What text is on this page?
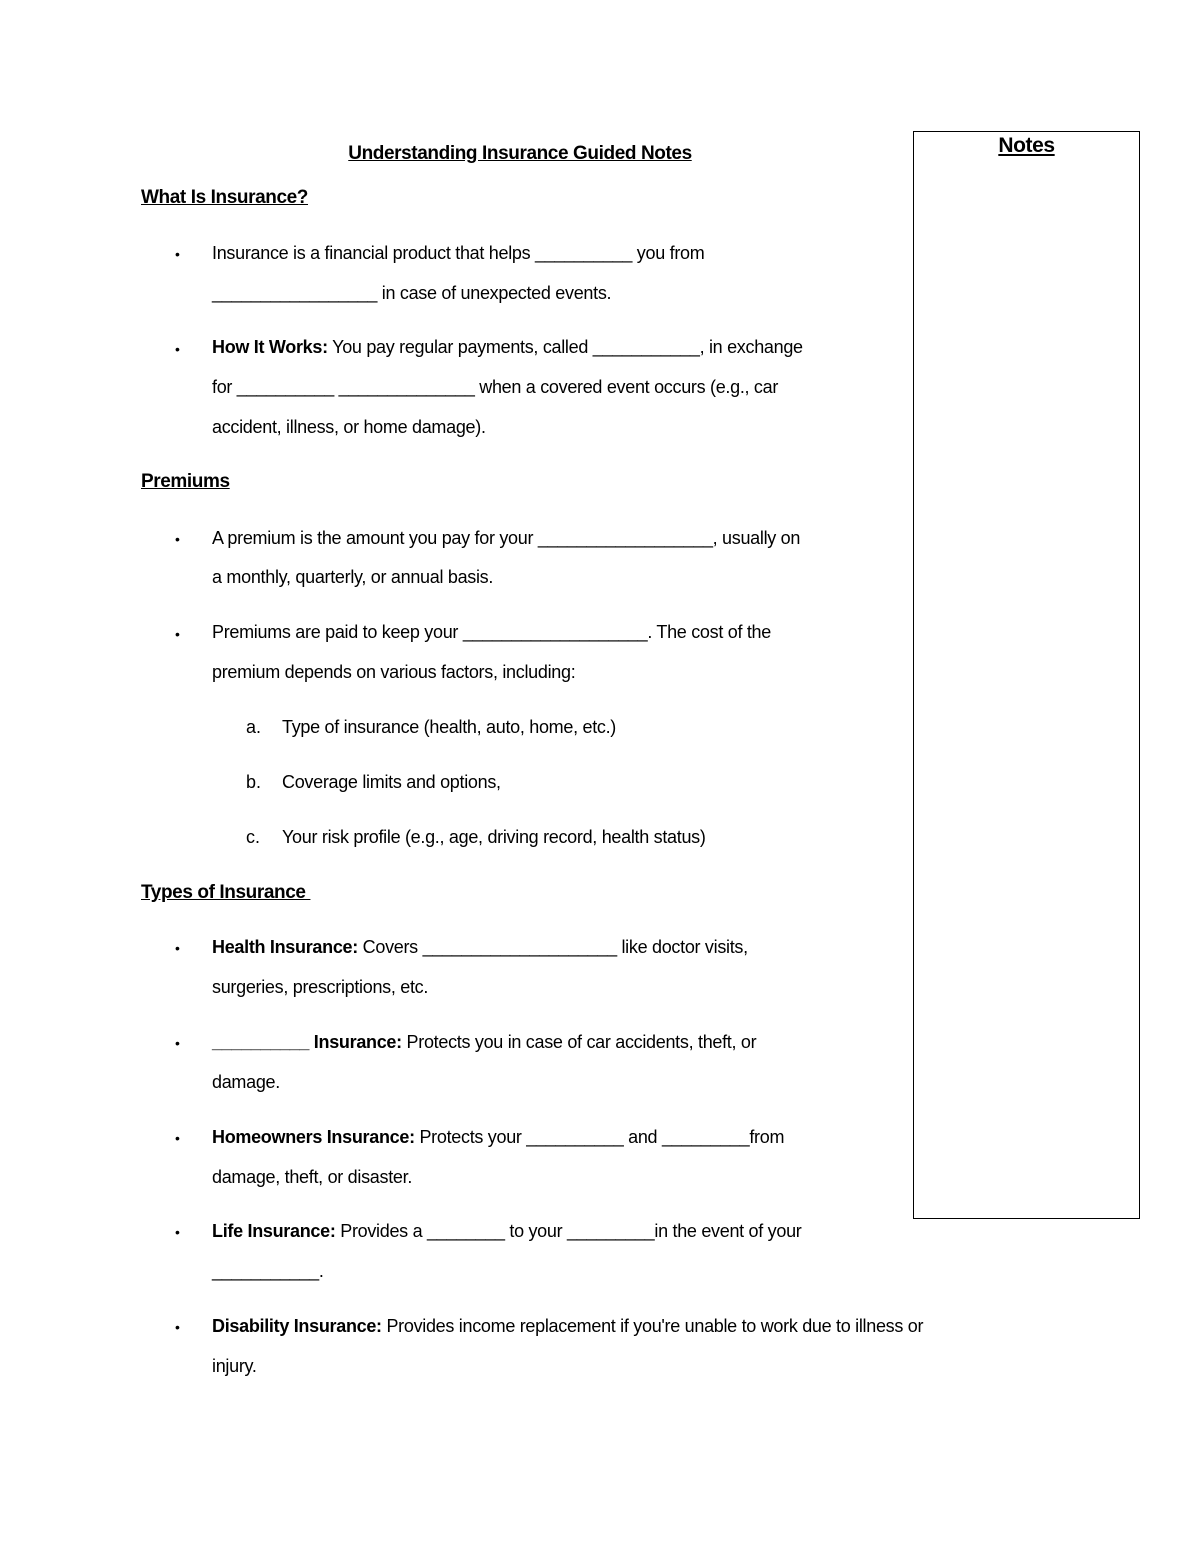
Notes
Understanding Insurance Guided Notes
What Is Insurance?
• Insurance is a financial product that helps __________ you from
_________________ in case of unexpected events.
• How It Works: You pay regular payments, called ___________, in exchange
for __________ ______________ when a covered event occurs (e.g., car
accident, illness, or home damage).
Premiums
• A premium is the amount you pay for your __________________, usually on
a monthly, quarterly, or annual basis.
• Premiums are paid to keep your ___________________. The cost of the
premium depends on various factors, including:
a. Type of insurance (health, auto, home, etc.)
b. Coverage limits and options,
c. Your risk profile (e.g., age, driving record, health status)
Types of Insurance
• Health Insurance: Covers ____________________ like doctor visits,
surgeries, prescriptions, etc.
• __________ Insurance: Protects you in case of car accidents, theft, or
damage.
• Homeowners Insurance: Protects your __________ and _________from
damage, theft, or disaster.
• Life Insurance: Provides a ________ to your _________in the event of your
___________.
• Disability Insurance: Provides income replacement if you're unable to work due to illness or
injury.
